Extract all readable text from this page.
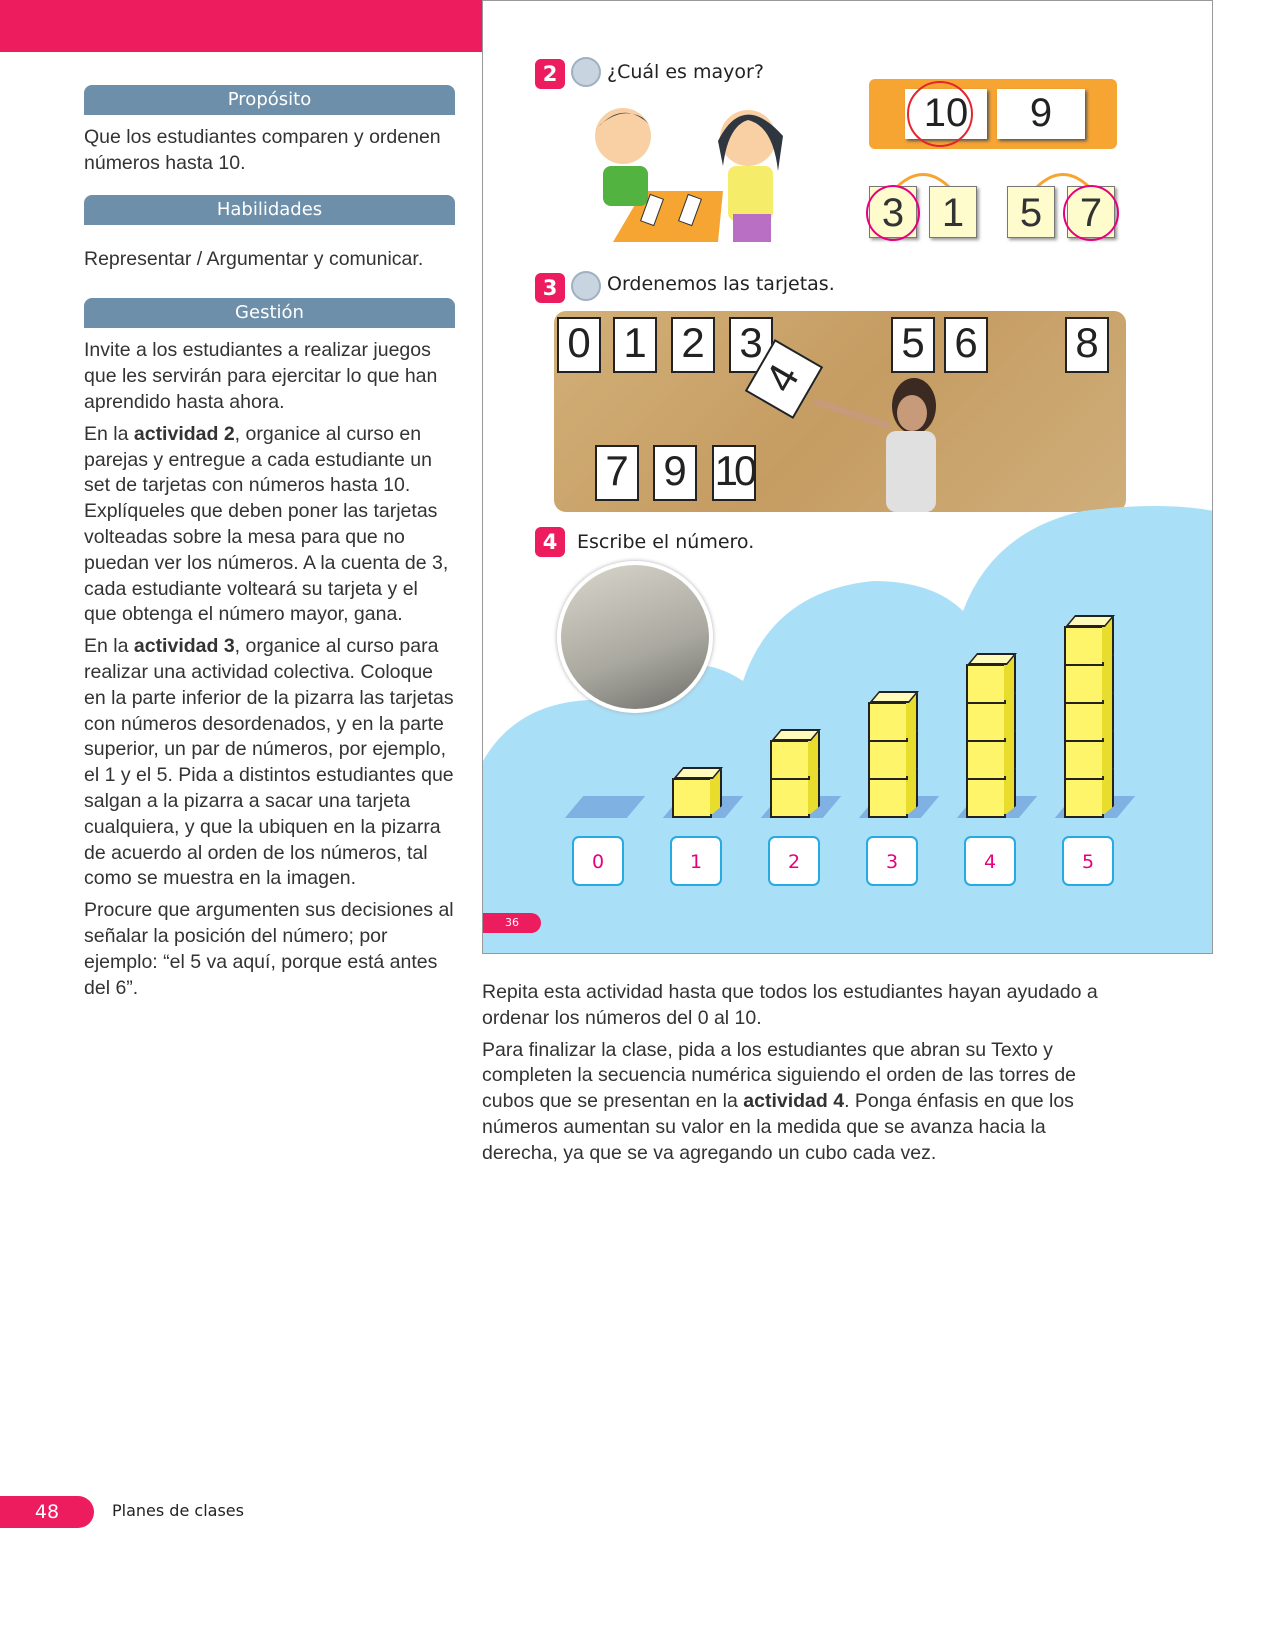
Propósito

Que los estudiantes comparen y ordenen números hasta 10.

Habilidades

Representar / Argumentar y comunicar.

Gestión

Invite a los estudiantes a realizar juegos que les servirán para ejercitar lo que han aprendido hasta ahora.

En la actividad 2, organice al curso en parejas y entregue a cada estudiante un set de tarjetas con números hasta 10. Explíqueles que deben poner las tarjetas volteadas sobre la mesa para que no puedan ver los números. A la cuenta de 3, cada estudiante volteará su tarjeta y el que obtenga el número mayor, gana.

En la actividad 3, organice al curso para realizar una actividad colectiva. Coloque en la parte inferior de la pizarra las tarjetas con números desordenados, y en la parte superior, un par de números, por ejemplo, el 1 y el 5. Pida a distintos estudiantes que salgan a la pizarra a sacar una tarjeta cualquiera, y que la ubiquen en la pizarra de acuerdo al orden de los números, tal como se muestra en la imagen.

Procure que argumenten sus decisiones al señalar la posición del número; por ejemplo: “el 5 va aquí, porque está antes del 6”.

2	¿Cuál es mayor?
10	9
3 1	5 7
3	Ordenemos las tarjetas.
0 1 2 3
4
5 6 8
7 9 10
4	Escribe el número.
0	1	2	3	4	5
36

Repita esta actividad hasta que todos los estudiantes hayan ayudado a ordenar los números del 0 al 10.

Para finalizar la clase, pida a los estudiantes que abran su Texto y completen la secuencia numérica siguiendo el orden de las torres de cubos que se presentan en la actividad 4. Ponga énfasis en que los números aumentan su valor en la medida que se avanza hacia la derecha, ya que se va agregando un cubo cada vez.

48	Planes de clases
